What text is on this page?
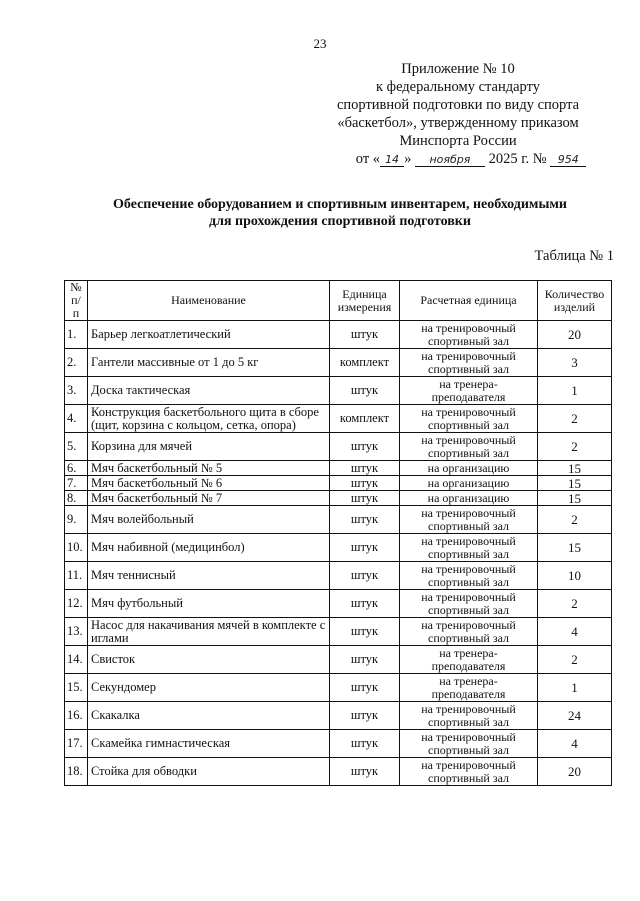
23
Приложение № 10
к федеральному стандарту
спортивной подготовки по виду спорта
«баскетбол», утвержденному приказом
Минспорта России
от « 14 » ноября 2025 г. № 954
Обеспечение оборудованием и спортивным инвентарем, необходимыми
для прохождения спортивной подготовки
Таблица № 1
№ п/п	Наименование	Единица измерения	Расчетная единица	Количество изделий
1.	Барьер легкоатлетический	штук	на тренировочный спортивный зал	20
2.	Гантели массивные от 1 до 5 кг	комплект	на тренировочный спортивный зал	3
3.	Доска тактическая	штук	на тренера-преподавателя	1
4.	Конструкция баскетбольного щита в сборе (щит, корзина с кольцом, сетка, опора)	комплект	на тренировочный спортивный зал	2
5.	Корзина для мячей	штук	на тренировочный спортивный зал	2
6.	Мяч баскетбольный № 5	штук	на организацию	15
7.	Мяч баскетбольный № 6	штук	на организацию	15
8.	Мяч баскетбольный № 7	штук	на организацию	15
9.	Мяч волейбольный	штук	на тренировочный спортивный зал	2
10.	Мяч набивной (медицинбол)	штук	на тренировочный спортивный зал	15
11.	Мяч теннисный	штук	на тренировочный спортивный зал	10
12.	Мяч футбольный	штук	на тренировочный спортивный зал	2
13.	Насос для накачивания мячей в комплекте с иглами	штук	на тренировочный спортивный зал	4
14.	Свисток	штук	на тренера-преподавателя	2
15.	Секундомер	штук	на тренера-преподавателя	1
16.	Скакалка	штук	на тренировочный спортивный зал	24
17.	Скамейка гимнастическая	штук	на тренировочный спортивный зал	4
18.	Стойка для обводки	штук	на тренировочный спортивный зал	20
